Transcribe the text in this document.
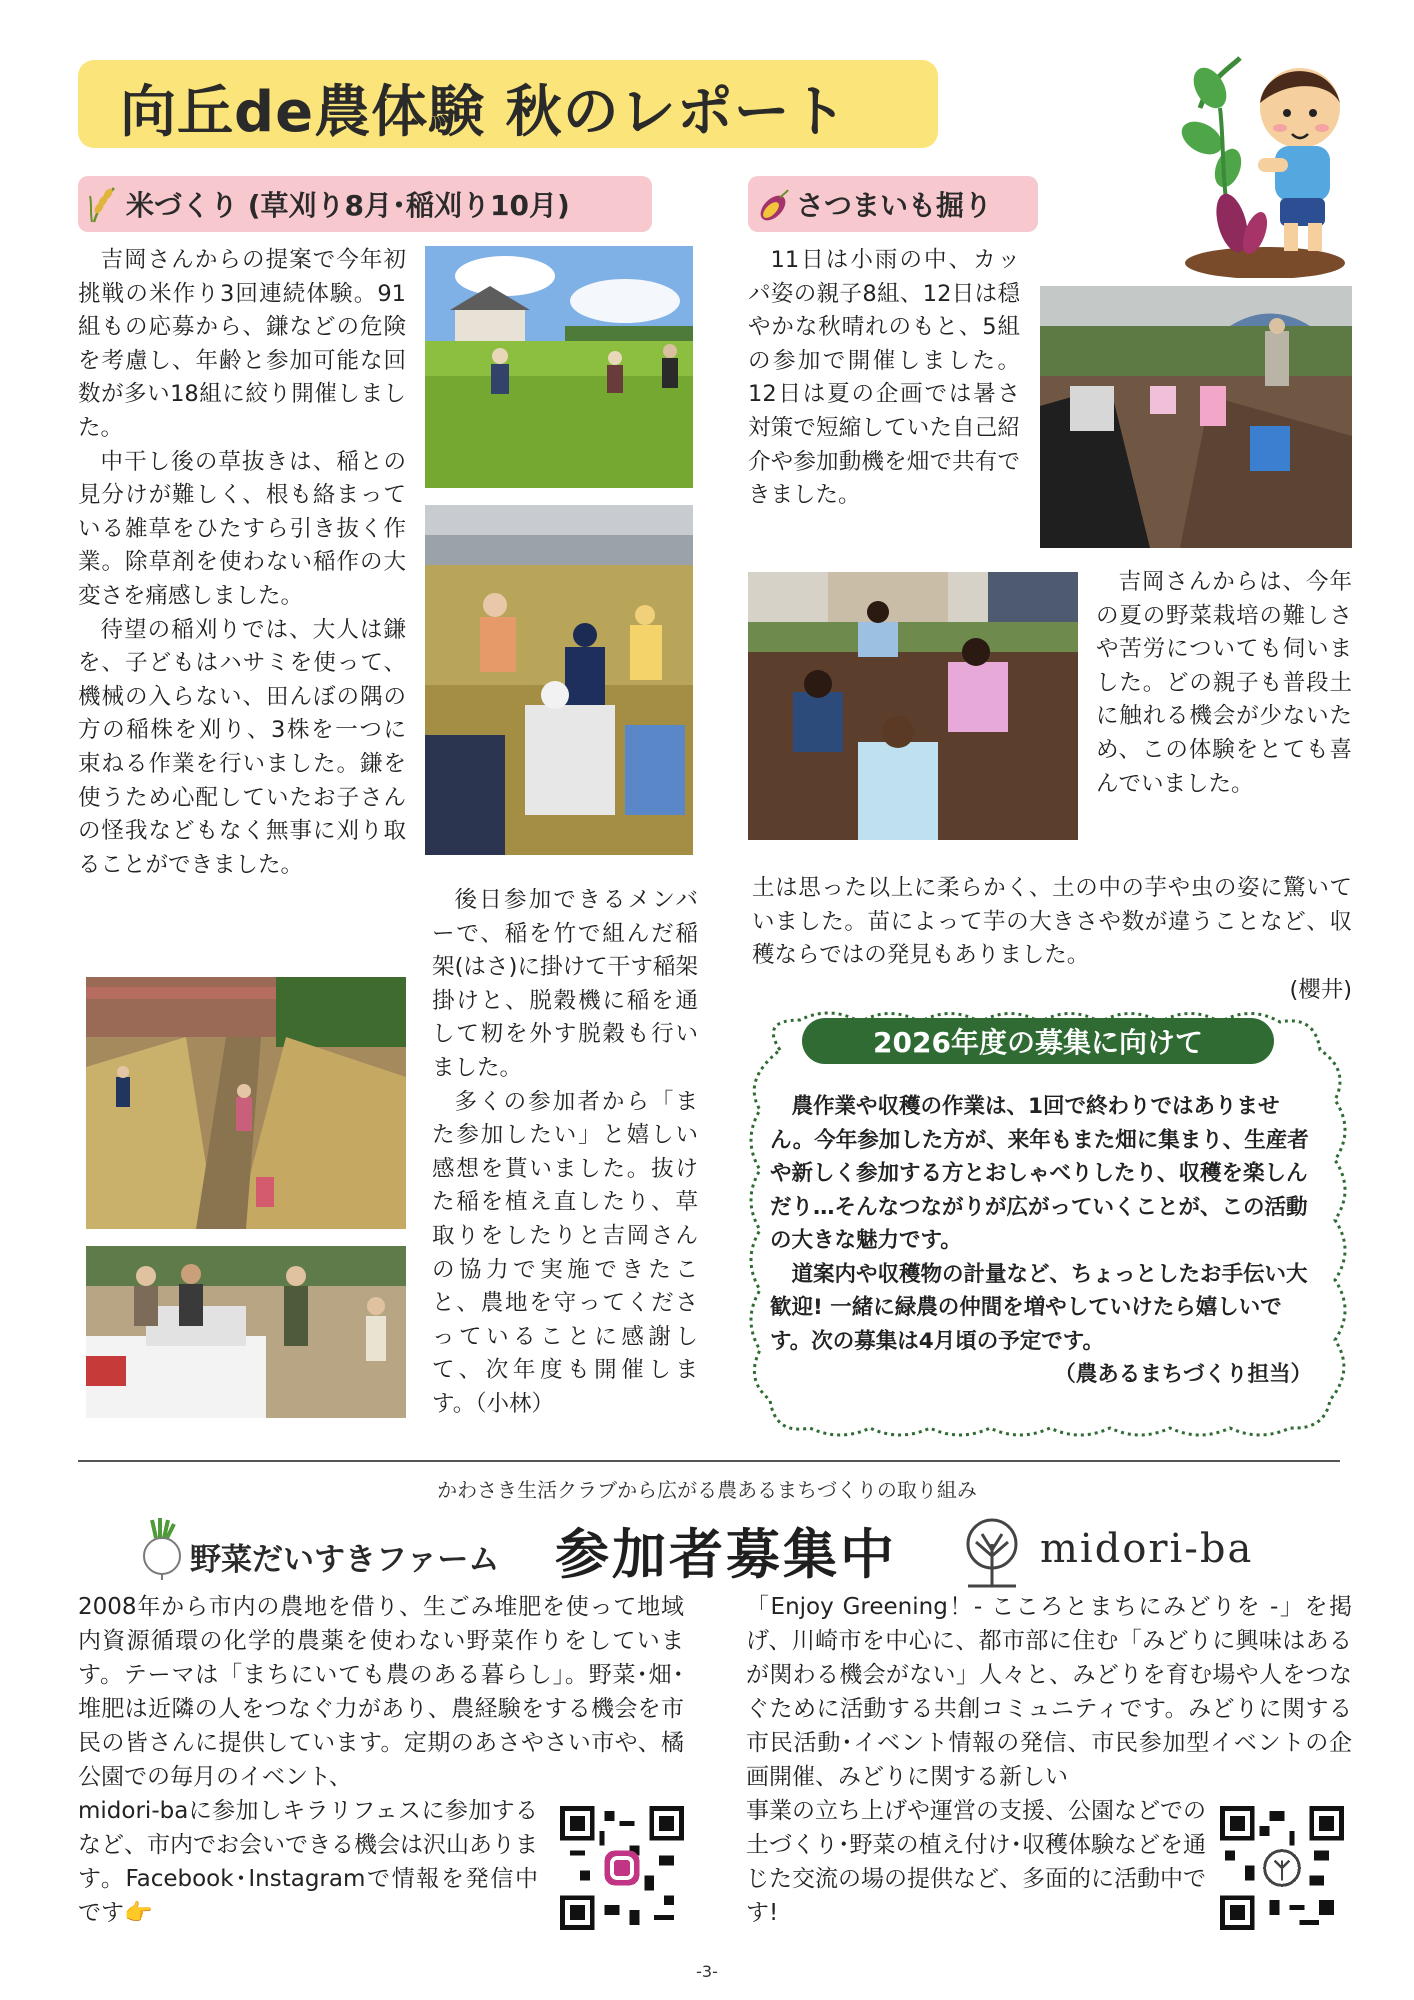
向丘de農体験 秋のレポート
米づくり (草刈り8月･稲刈り10月)

吉岡さんからの提案で今年初挑戦の米作り3回連続体験。91組もの応募から、鎌などの危険を考慮し、年齢と参加可能な回数が多い18組に絞り開催しました。

中干し後の草抜きは、稲との見分けが難しく、根も絡まっている雑草をひたすら引き抜く作業。除草剤を使わない稲作の大変さを痛感しました。

待望の稲刈りでは、大人は鎌を、子どもはハサミを使って、機械の入らない、田んぼの隅の方の稲株を刈り、3株を一つに束ねる作業を行いました。鎌を使うため心配していたお子さんの怪我などもなく無事に刈り取ることができました。

後日参加できるメンバーで、稲を竹で組んだ稲架(はさ)に掛けて干す稲架掛けと、脱穀機に稲を通して籾を外す脱穀も行いました。

多くの参加者から「また参加したい」と嬉しい感想を貰いました。抜けた稲を植え直したり、草取りをしたりと吉岡さんの協力で実施できたこと、農地を守ってくださっていることに感謝して、次年度も開催します。（小林）

さつまいも掘り

11日は小雨の中、カッパ姿の親子8組、12日は穏やかな秋晴れのもと、5組の参加で開催しました。12日は夏の企画では暑さ対策で短縮していた自己紹介や参加動機を畑で共有できました。

吉岡さんからは、今年の夏の野菜栽培の難しさや苦労についても伺いました。どの親子も普段土に触れる機会が少ないため、この体験をとても喜んでいました。

土は思った以上に柔らかく、土の中の芋や虫の姿に驚いていました。苗によって芋の大きさや数が違うことなど、収穫ならではの発見もありました。

(櫻井)
2026年度の募集に向けて

農作業や収穫の作業は、1回で終わりではありません。今年参加した方が、来年もまた畑に集まり、生産者や新しく参加する方とおしゃべりしたり、収穫を楽しんだり…そんなつながりが広がっていくことが、この活動の大きな魅力です。

道案内や収穫物の計量など、ちょっとしたお手伝い大歓迎! 一緒に緑農の仲間を増やしていけたら嬉しいです。次の募集は4月頃の予定です。

（農あるまちづくり担当）

かわさき生活クラブから広がる農あるまちづくりの取り組み
野菜だいすきファーム 参加者募集中	midori-ba

2008年から市内の農地を借り、生ごみ堆肥を使って地域内資源循環の化学的農薬を使わない野菜作りをしています。テーマは「まちにいても農のある暮らし」。野菜･畑･堆肥は近隣の人をつなぐ力があり、農経験をする機会を市民の皆さんに提供しています。定期のあさやさい市や、橘公園での毎月のイベント、

midori-baに参加しキラリフェスに参加するなど、市内でお会いできる機会は沢山あります。Facebook･Instagramで情報を発信中です👉

「Enjoy Greening！- こころとまちにみどりを -」を掲げ、川崎市を中心に、都市部に住む「みどりに興味はあるが関わる機会がない」人々と、みどりを育む場や人をつなぐために活動する共創コミュニティです。みどりに関する市民活動･イベント情報の発信、市民参加型イベントの企画開催、みどりに関する新しい

事業の立ち上げや運営の支援、公園などでの土づくり･野菜の植え付け･収穫体験などを通じた交流の場の提供など、多面的に活動中です!

-3-
